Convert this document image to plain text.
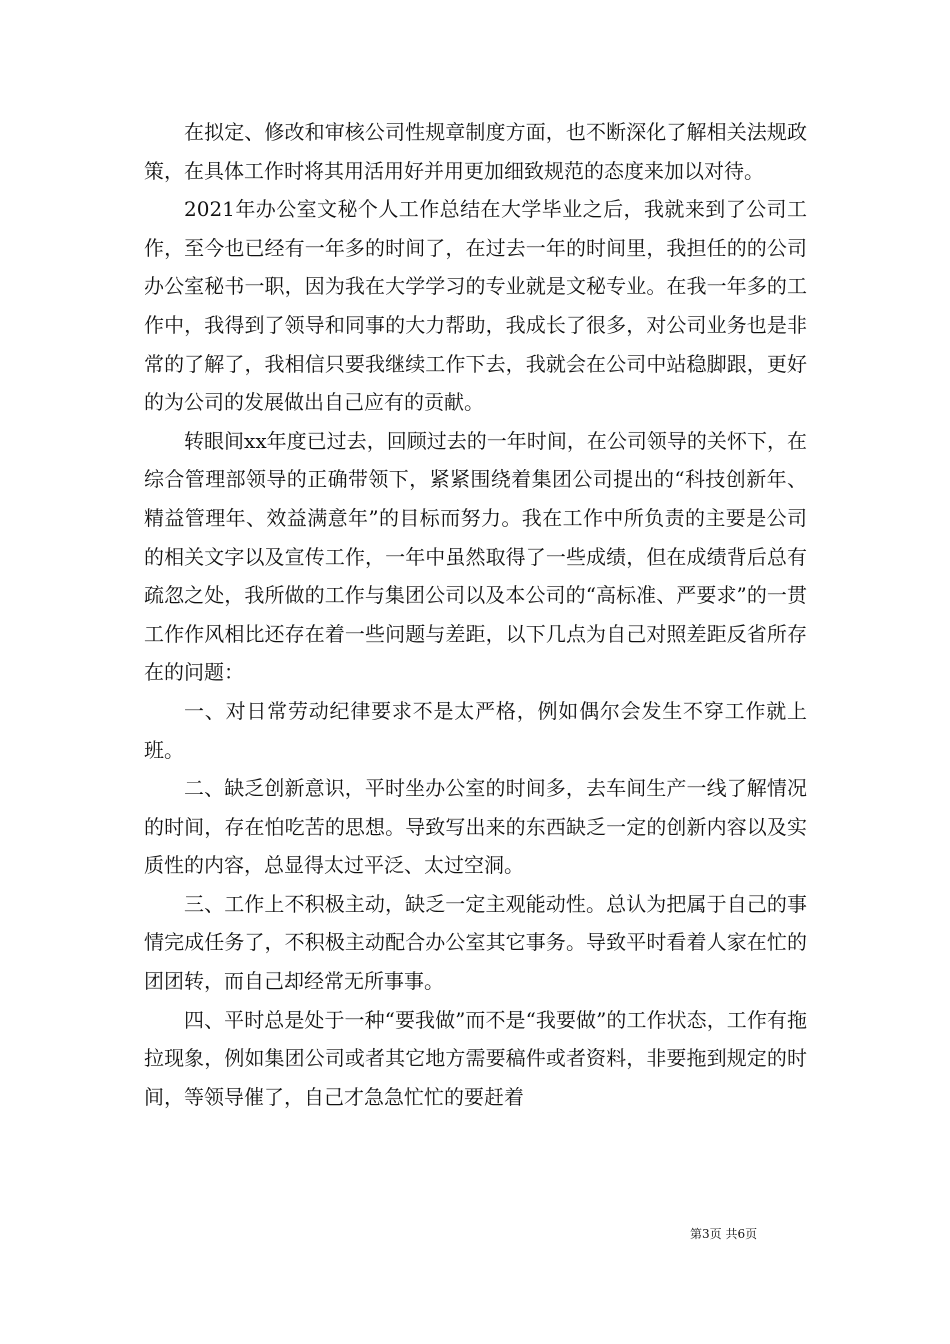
在拟定、修改和审核公司性规章制度方面，也不断深化了解相关法规政策，在具体工作时将其用活用好并用更加细致规范的态度来加以对待。

2021年办公室文秘个人工作总结在大学毕业之后，我就来到了公司工作，至今也已经有一年多的时间了，在过去一年的时间里，我担任的的公司办公室秘书一职，因为我在大学学习的专业就是文秘专业。在我一年多的工作中，我得到了领导和同事的大力帮助，我成长了很多，对公司业务也是非常的了解了，我相信只要我继续工作下去，我就会在公司中站稳脚跟，更好的为公司的发展做出自己应有的贡献。

转眼间xx年度已过去，回顾过去的一年时间，在公司领导的关怀下，在综合管理部领导的正确带领下，紧紧围绕着集团公司提出的“科技创新年、精益管理年、效益满意年”的目标而努力。我在工作中所负责的主要是公司的相关文字以及宣传工作，一年中虽然取得了一些成绩，但在成绩背后总有疏忽之处，我所做的工作与集团公司以及本公司的“高标准、严要求”的一贯工作作风相比还存在着一些问题与差距，以下几点为自己对照差距反省所存在的问题：

一、对日常劳动纪律要求不是太严格，例如偶尔会发生不穿工作就上班。

二、缺乏创新意识，平时坐办公室的时间多，去车间生产一线了解情况的时间，存在怕吃苦的思想。导致写出来的东西缺乏一定的创新内容以及实质性的内容，总显得太过平泛、太过空洞。

三、工作上不积极主动，缺乏一定主观能动性。总认为把属于自己的事情完成任务了，不积极主动配合办公室其它事务。导致平时看着人家在忙的团团转，而自己却经常无所事事。

四、平时总是处于一种“要我做”而不是“我要做”的工作状态，工作有拖拉现象，例如集团公司或者其它地方需要稿件或者资料，非要拖到规定的时间，等领导催了，自己才急急忙忙的要赶着

第3页 共6页
